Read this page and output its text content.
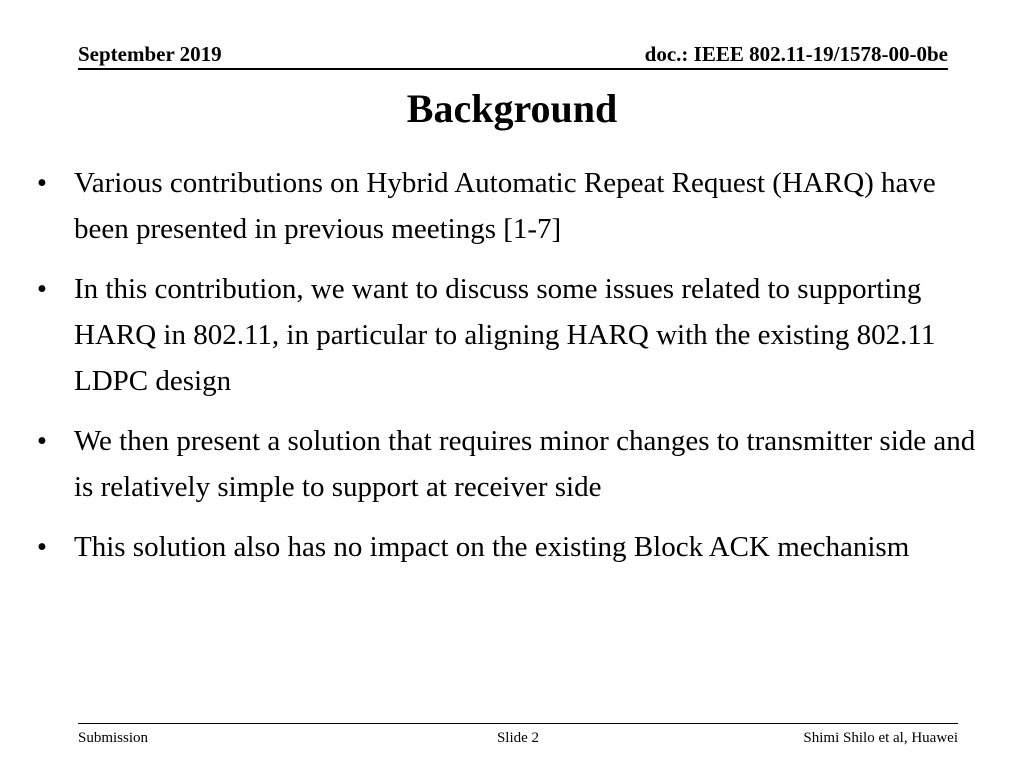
September 2019	doc.: IEEE 802.11-19/1578-00-0be
Background
• Various contributions on Hybrid Automatic Repeat Request (HARQ) have been presented in previous meetings [1-7]
• In this contribution, we want to discuss some issues related to supporting HARQ in 802.11, in particular to aligning HARQ with the existing 802.11 LDPC design
• We then present a solution that requires minor changes to transmitter side and is relatively simple to support at receiver side
• This solution also has no impact on the existing Block ACK mechanism
Submission	Slide 2	Shimi Shilo et al, Huawei
